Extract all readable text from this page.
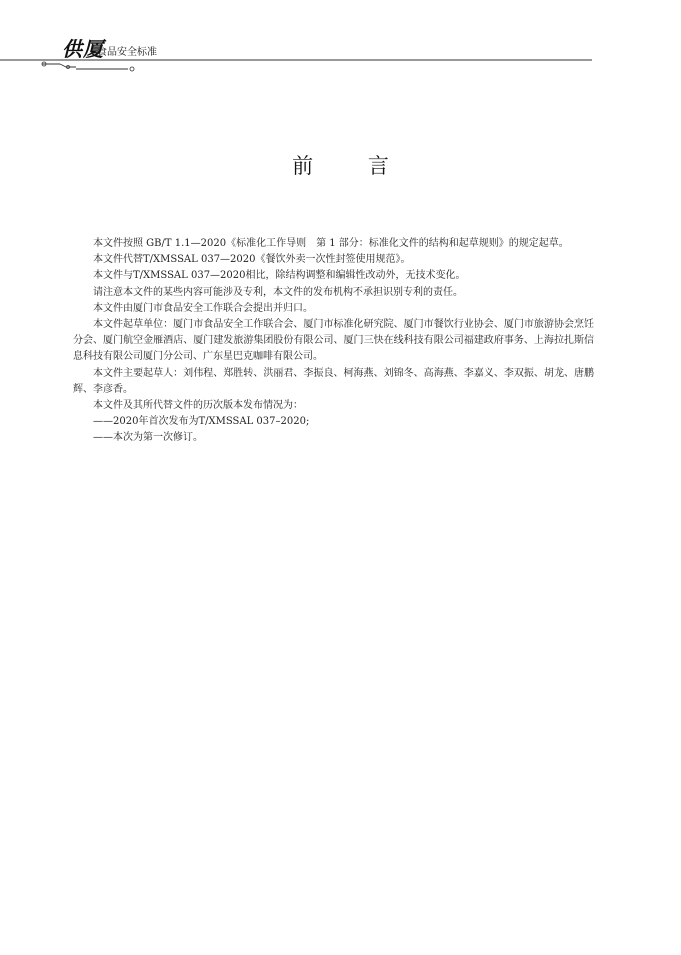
供厦
食品安全标准
前 言

本文件按照 GB/T 1.1—2020《标准化工作导则　第 1 部分：标准化文件的结构和起草规则》的规定起草。

本文件代替T/XMSSAL 037—2020《餐饮外卖一次性封签使用规范》。

本文件与T/XMSSAL 037—2020相比，除结构调整和编辑性改动外，无技术变化。

请注意本文件的某些内容可能涉及专利，本文件的发布机构不承担识别专利的责任。

本文件由厦门市食品安全工作联合会提出并归口。

本文件起草单位：厦门市食品安全工作联合会、厦门市标准化研究院、厦门市餐饮行业协会、厦门市旅游协会烹饪分会、厦门航空金雁酒店、厦门建发旅游集团股份有限公司、厦门三快在线科技有限公司福建政府事务、上海拉扎斯信息科技有限公司厦门分公司、广东星巴克咖啡有限公司。

本文件主要起草人：刘伟程、郑胜转、洪丽君、李振良、柯海燕、刘锦冬、高海燕、李嘉义、李双振、胡龙、唐鹏辉、李彦香。

本文件及其所代替文件的历次版本发布情况为：

——2020年首次发布为T/XMSSAL 037–2020;

——本次为第一次修订。
